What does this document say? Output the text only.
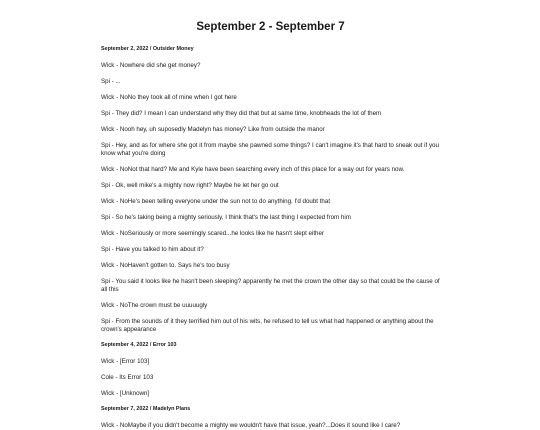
September 2 - September 7
September 2, 2022 / Outsider Money

Wick - Nowhere did she get money?

Spi - ...

Wick - NoNo they took all of mine when I got here

Spi - They did? I mean I can understand why they did that but at same time, knobheads the lot of them

Wick - Nooh hey, uh suposedly Madelyn has money? Like from outside the manor

Spi - Hey, and as for where she got it from maybe she pawned some things? I can't imagine it's that hard to sneak out if you know what you're doing

Wick - NoNot that hard? Me and Kyle have been searching every inch of this place for a way out for years now.

Spi - Ok, well mike's a mighty now right? Maybe he let her go out

Wick - NoHe's been telling everyone under the sun not to do anything. I'd doubt that

Spi - So he's taking being a mighty seriously, I think that's the last thing I expected from him

Wick - NoSeriously or more seemingly scared...he looks like he hasn't slept either

Spi - Have you talked to him about it?

Wick - NoHaven't gotten to. Says he's too busy

Spi - You said it looks like he hasn't been sleeping? apparently he met the crown the other day so that could be the cause of all this

Wick - NoThe crown must be uuuuugly

Spi - From the sounds of it they terrified him out of his wits, he refused to tell us what had happened or anything about the crown's appearance

September 4, 2022 / Error 103

Wick - [Error 103]

Cole - Its Error 103

Wick - [Unknown]

September 7, 2022 / Madelyn Plans

Wick - NoMaybe if you didn't become a mighty we wouldn't have that issue, yeah?...Does it sound like I care?
